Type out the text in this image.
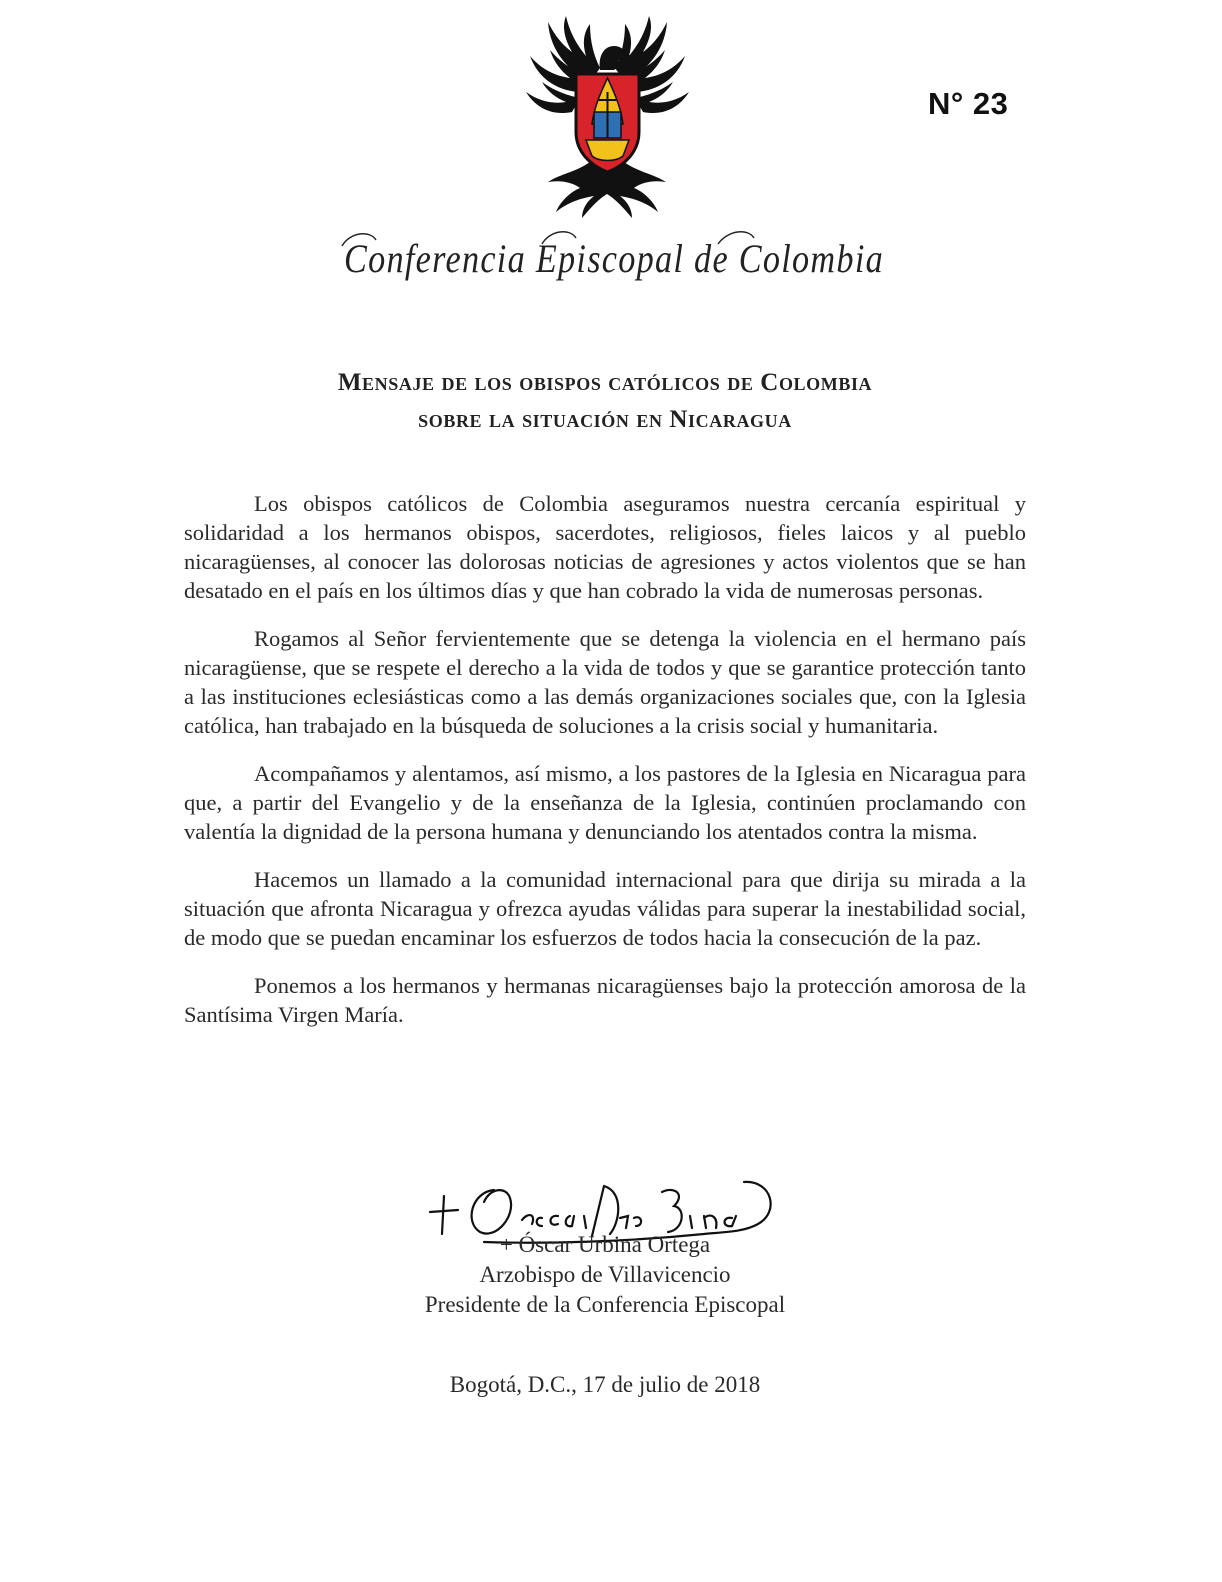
N° 23
Conferencia Episcopal de Colombia
Mensaje de los obispos católicos de Colombia
sobre la situación en Nicaragua

Los obispos católicos de Colombia aseguramos nuestra cercanía espiritual y solidaridad a los hermanos obispos, sacerdotes, religiosos, fieles laicos y al pueblo nicaragüenses, al conocer las dolorosas noticias de agresiones y actos violentos que se han desatado en el país en los últimos días y que han cobrado la vida de numerosas personas.

Rogamos al Señor fervientemente que se detenga la violencia en el hermano país nicaragüense, que se respete el derecho a la vida de todos y que se garantice protección tanto a las instituciones eclesiásticas como a las demás organizaciones sociales que, con la Iglesia católica, han trabajado en la búsqueda de soluciones a la crisis social y humanitaria.

Acompañamos y alentamos, así mismo, a los pastores de la Iglesia en Nicaragua para que, a partir del Evangelio y de la enseñanza de la Iglesia, continúen proclamando con valentía la dignidad de la persona humana y denunciando los atentados contra la misma.

Hacemos un llamado a la comunidad internacional para que dirija su mirada a la situación que afronta Nicaragua y ofrezca ayudas válidas para superar la inestabilidad social, de modo que se puedan encaminar los esfuerzos de todos hacia la consecución de la paz.

Ponemos a los hermanos y hermanas nicaragüenses bajo la protección amorosa de la Santísima Virgen María.

+ Oscar Urbina
+ Óscar Urbina Ortega
Arzobispo de Villavicencio
Presidente de la Conferencia Episcopal
Bogotá, D.C., 17 de julio de 2018
